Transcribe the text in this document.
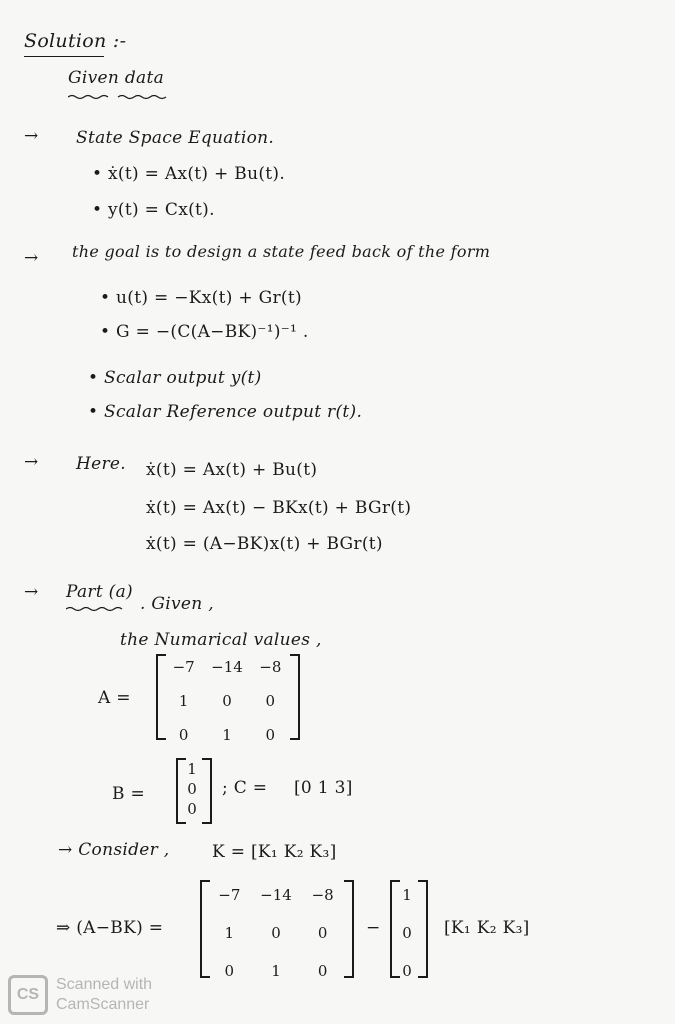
Solution :-
Given data
→ State Space Equation.
• ẋ(t) = Ax(t) + Bu(t).
• y(t) = Cx(t).
→ the goal is to design a state feed back of the form
• u(t) = −Kx(t) + Gr(t)
• G = −(C(A−BK)⁻¹)⁻¹ .
• Scalar output y(t)
• Scalar Reference output r(t).
→ Here. ẋ(t) = Ax(t) + Bu(t)
ẋ(t) = Ax(t) − BKx(t) + BGr(t)
ẋ(t) = (A−BK)x(t) + BGr(t)
→ Part (a)
. Given ,
the Numarical values ,
A =
−7	−14	−8
1	0	0
0	1	0
B =
1
0
0
; C = [0 1 3]
→ Consider ,	K = [K₁ K₂ K₃]
⇒ (A−BK) =
−7	−14	−8
1	0	0
0	1	0
−
1
0
0
[K₁ K₂ K₃]
CS
Scanned with
CamScanner
